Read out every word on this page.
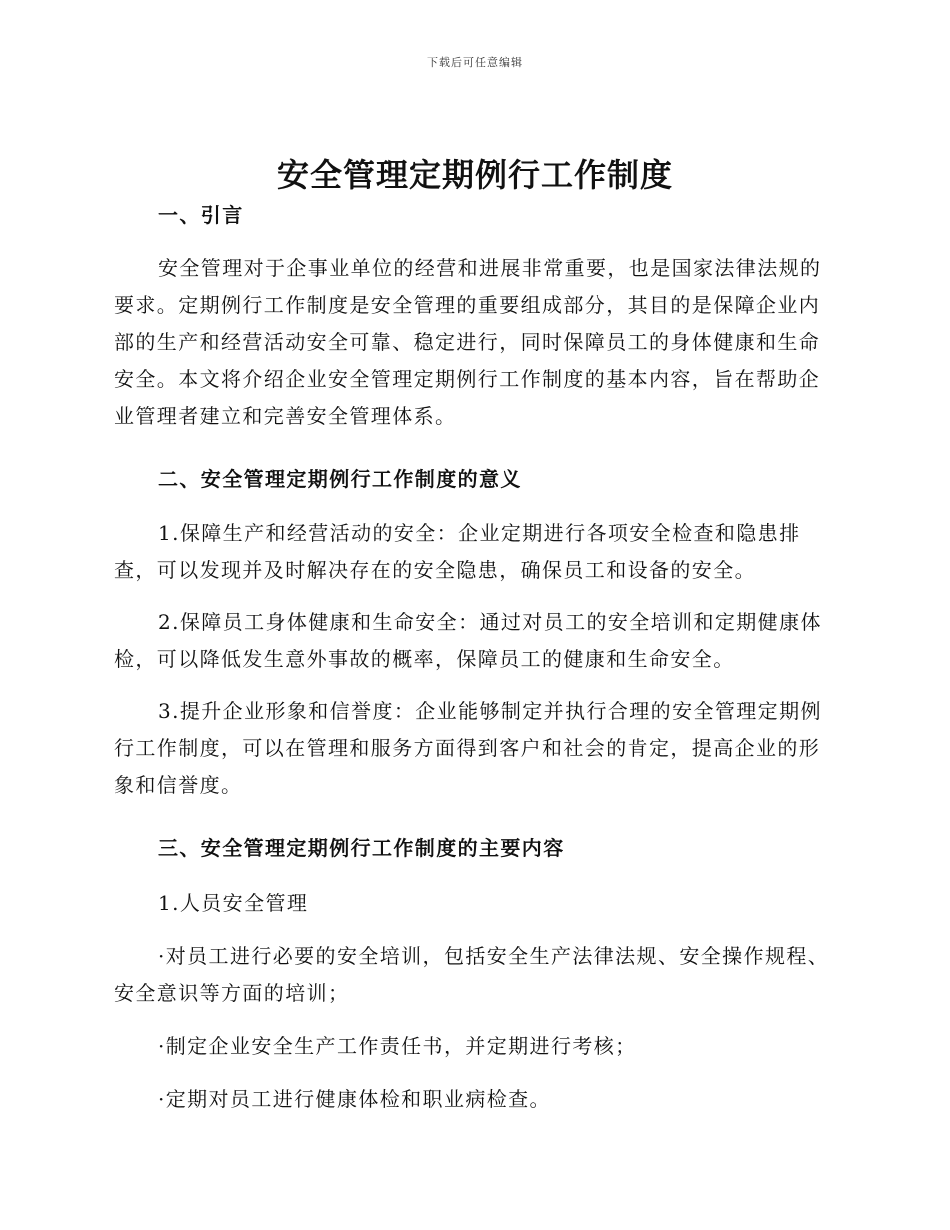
下载后可任意编辑
安全管理定期例行工作制度

一、引言

安全管理对于企事业单位的经营和进展非常重要，也是国家法律法规的要求。定期例行工作制度是安全管理的重要组成部分，其目的是保障企业内部的生产和经营活动安全可靠、稳定进行，同时保障员工的身体健康和生命安全。本文将介绍企业安全管理定期例行工作制度的基本内容，旨在帮助企业管理者建立和完善安全管理体系。

二、安全管理定期例行工作制度的意义

1.保障生产和经营活动的安全：企业定期进行各项安全检查和隐患排查，可以发现并及时解决存在的安全隐患，确保员工和设备的安全。

2.保障员工身体健康和生命安全：通过对员工的安全培训和定期健康体检，可以降低发生意外事故的概率，保障员工的健康和生命安全。

3.提升企业形象和信誉度：企业能够制定并执行合理的安全管理定期例行工作制度，可以在管理和服务方面得到客户和社会的肯定，提高企业的形象和信誉度。

三、安全管理定期例行工作制度的主要内容

1.人员安全管理

·对员工进行必要的安全培训，包括安全生产法律法规、安全操作规程、安全意识等方面的培训；

·制定企业安全生产工作责任书，并定期进行考核；

·定期对员工进行健康体检和职业病检查。
